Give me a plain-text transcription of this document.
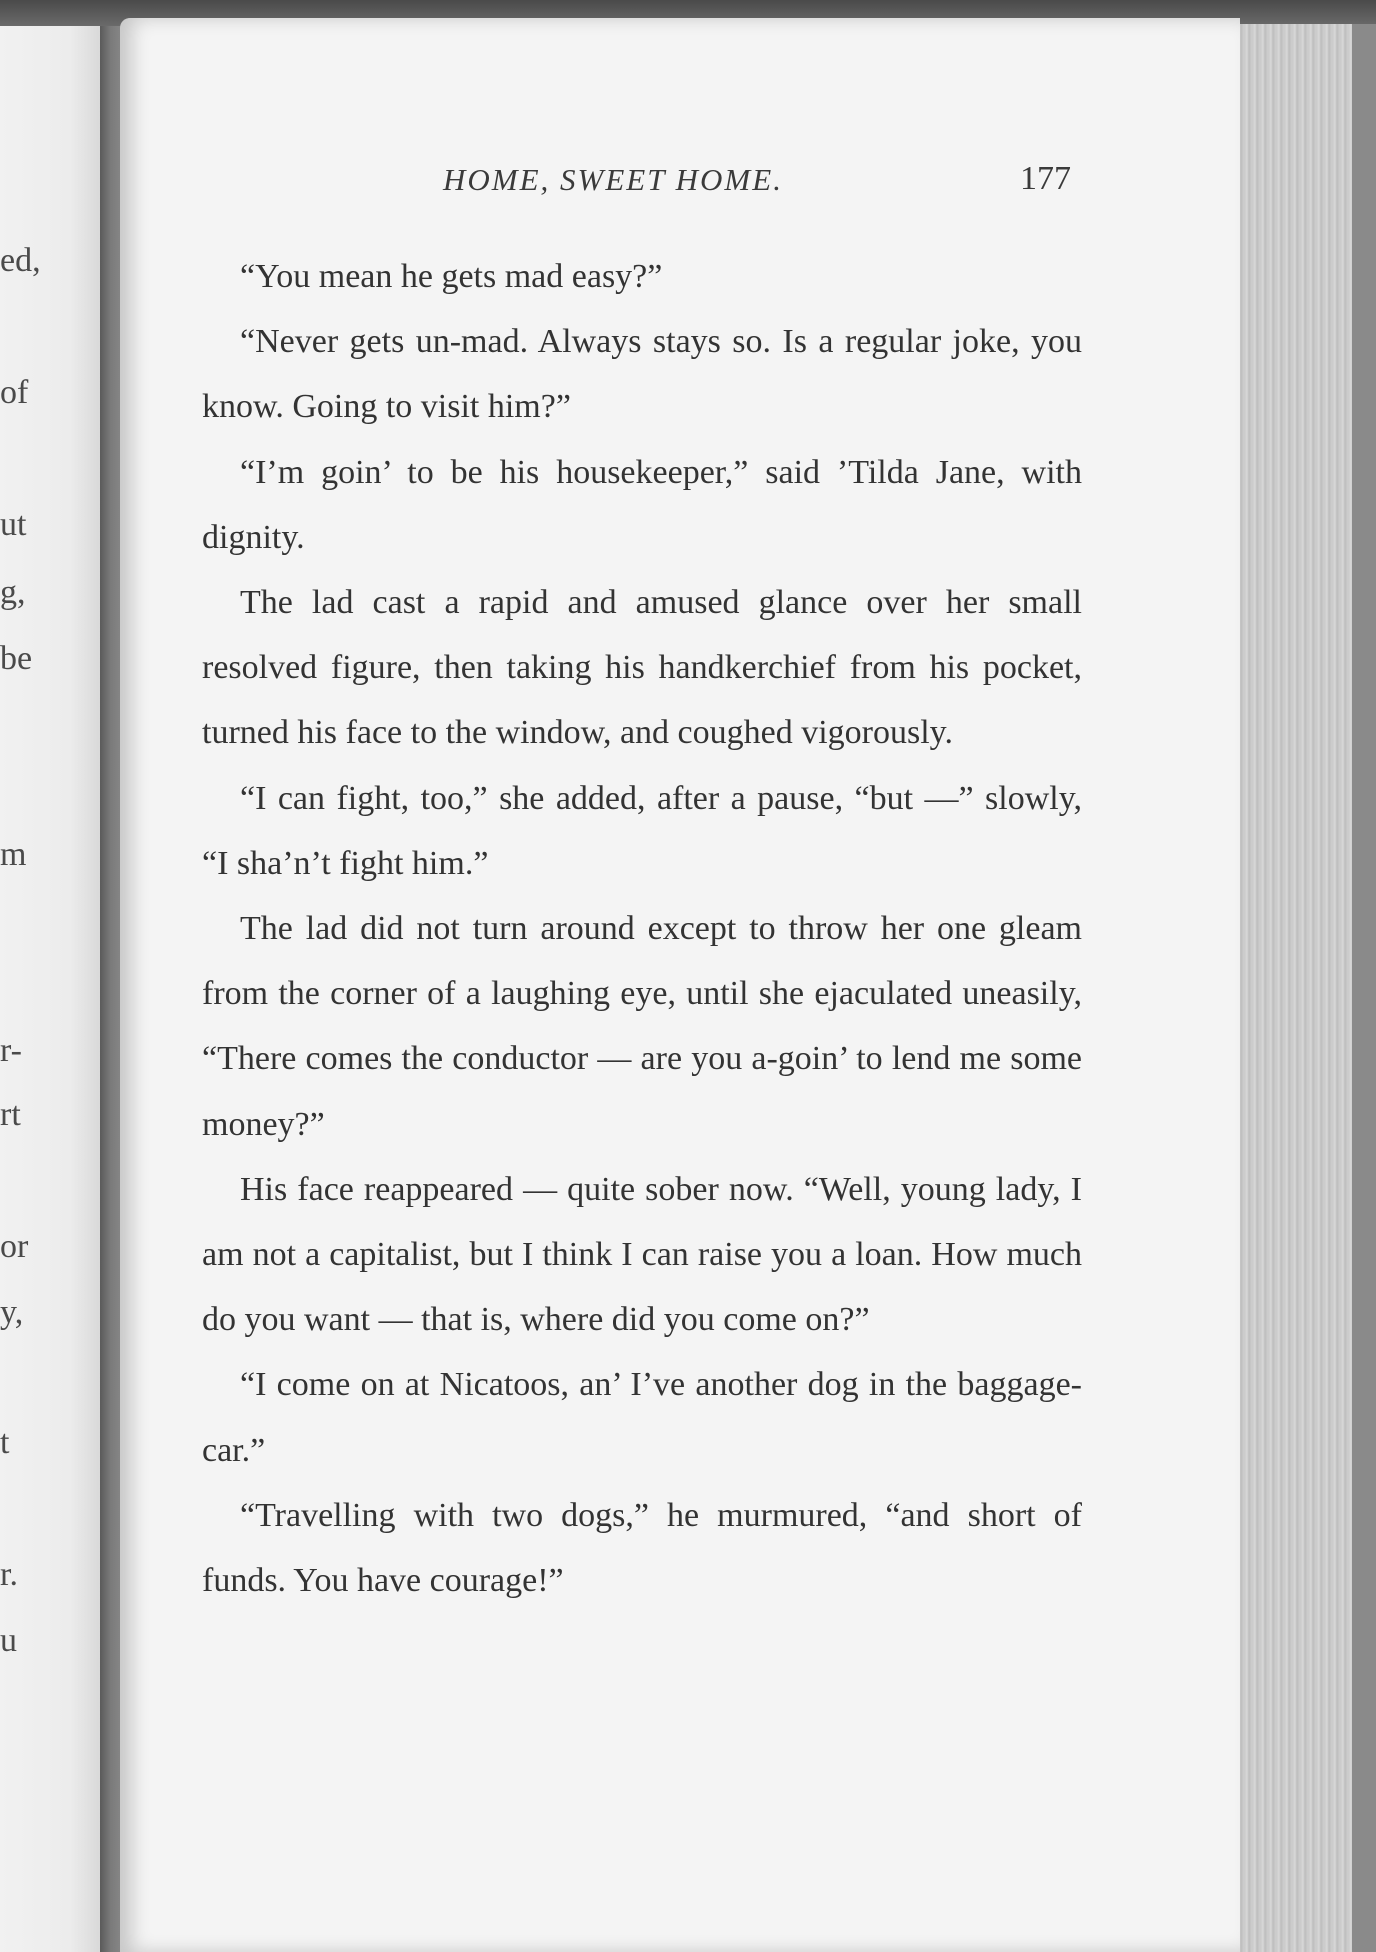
ed,
of
ut
g,
be
m
r-
rt
or
y,
t
r.
u
HOME, SWEET HOME.	177

“You mean he gets mad easy?”

“Never gets un-mad. Always stays so. Is a regular joke, you know. Going to visit him?”

“I’m goin’ to be his housekeeper,” said ’Tilda Jane, with dignity.

The lad cast a rapid and amused glance over her small resolved figure, then taking his handkerchief from his pocket, turned his face to the window, and coughed vigorously.

“I can fight, too,” she added, after a pause, “but —” slowly, “I sha’n’t fight him.”

The lad did not turn around except to throw her one gleam from the corner of a laughing eye, until she ejaculated uneasily, “There comes the conductor — are you a-goin’ to lend me some money?”

His face reappeared — quite sober now. “Well, young lady, I am not a capitalist, but I think I can raise you a loan. How much do you want — that is, where did you come on?”

“I come on at Nicatoos, an’ I’ve another dog in the baggage-car.”

“Travelling with two dogs,” he murmured, “and short of funds. You have courage!”
